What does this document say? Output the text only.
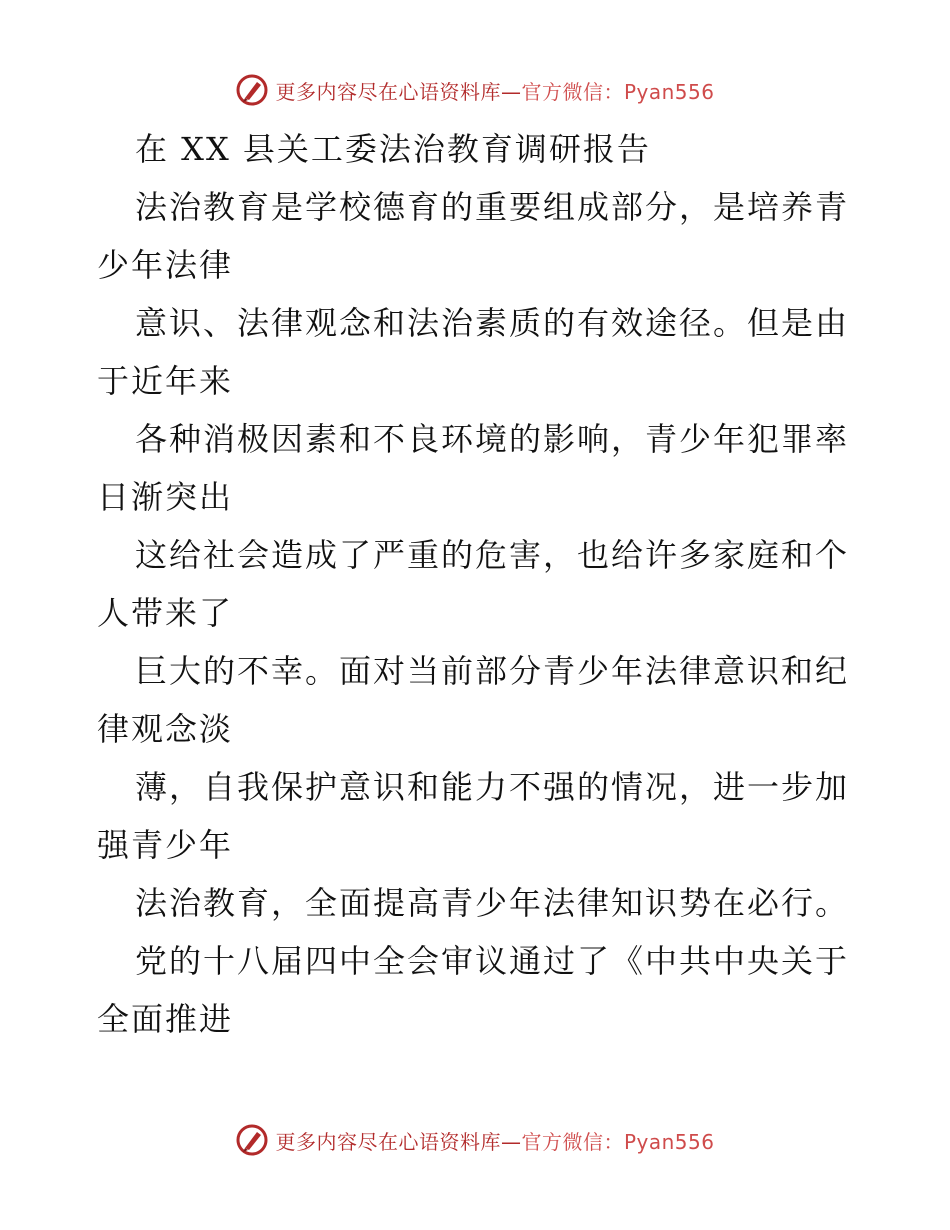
更多内容尽在心语资料库—官方微信：Pyan556
在 XX 县关工委法治教育调研报告
法治教育是学校德育的重要组成部分，是培养青
少年法律
意识、法律观念和法治素质的有效途径。但是由
于近年来
各种消极因素和不良环境的影响，青少年犯罪率
日渐突出
这给社会造成了严重的危害，也给许多家庭和个
人带来了
巨大的不幸。面对当前部分青少年法律意识和纪
律观念淡
薄，自我保护意识和能力不强的情况，进一步加
强青少年
法治教育，全面提高青少年法律知识势在必行。
党的十八届四中全会审议通过了《中共中央关于
全面推进
更多内容尽在心语资料库—官方微信：Pyan556
